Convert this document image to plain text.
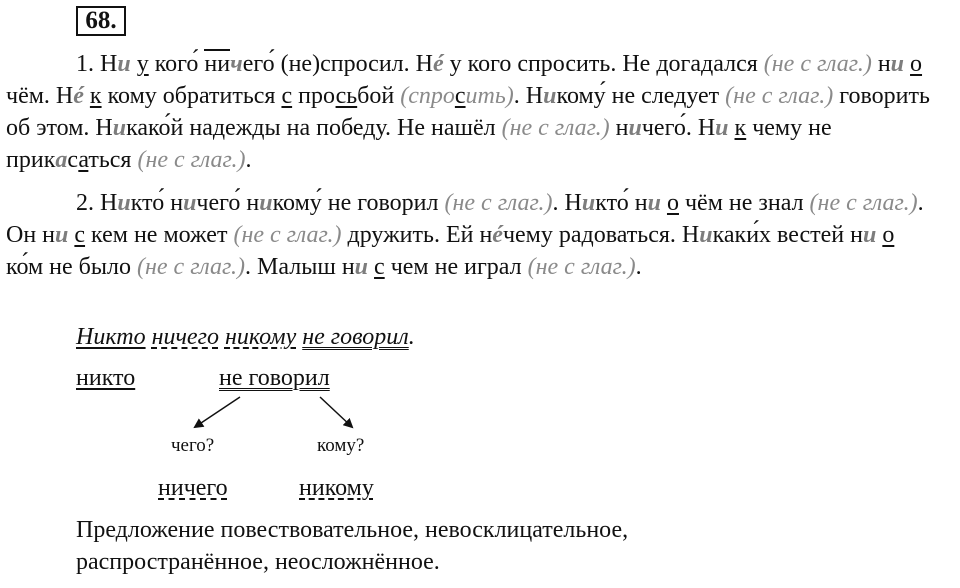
68.

1. Ни у кого́ ничего́ (не)спросил. Нé у кого спросить. Не догадался (не с глаг.) ни о чём. Нé к кому обратиться с просьбой (спросить). Никому́ не следует (не с глаг.) говорить об этом. Никако́й надежды на победу. Не нашёл (не с глаг.) ничего́. Ни к чему не прикасаться (не с глаг.).

2. Никто́ ничего́ никому́ не говорил (не с глаг.). Никто́ ни о чём не знал (не с глаг.). Он ни с кем не может (не с глаг.) дружить. Ей нéчему радоваться. Никаки́х вестей ни о ко́м не было (не с глаг.). Малыш ни с чем не играл (не с глаг.).

Никто ничего никому не говорил.
никто	не говорил
чего?	кому?
ничего	никому
Предложение повествовательное, невосклицательное,
распространённое, неосложнённое.
